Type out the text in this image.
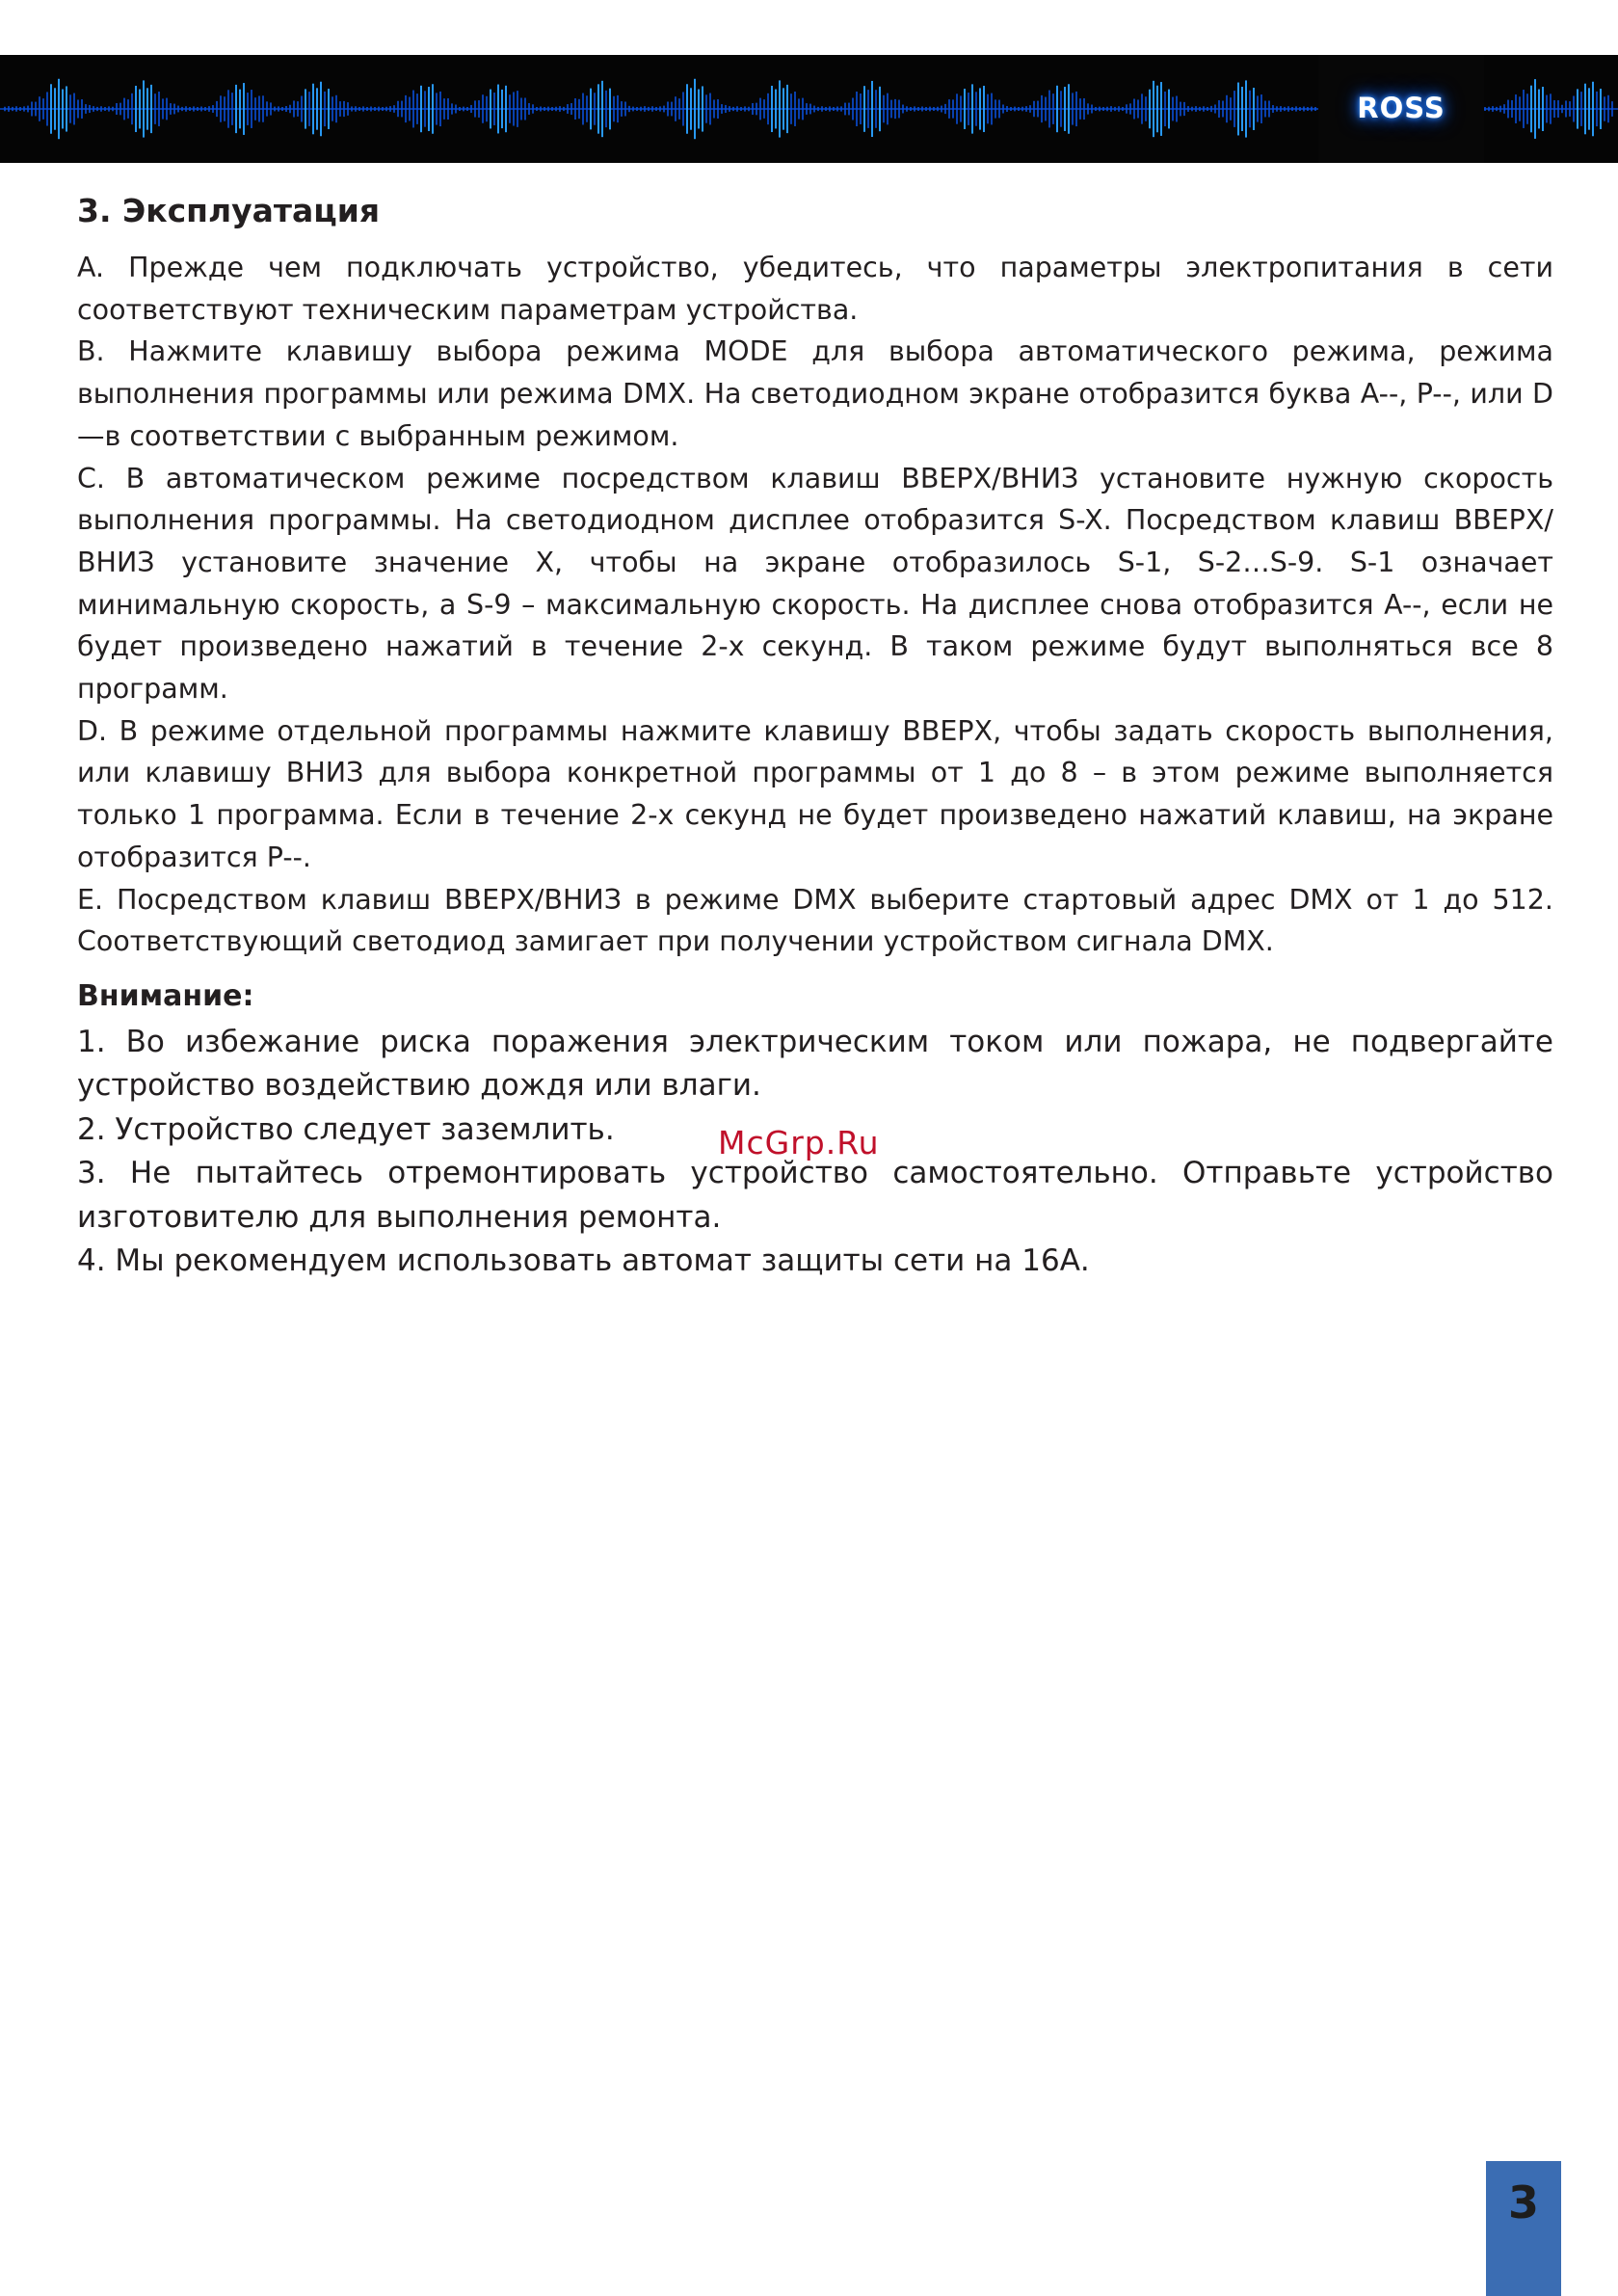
ROSS
3. Эксплуатация

A. Прежде чем подключать устройство, убедитесь, что параметры электропитания в сети соответствуют техническим параметрам устройства.

B. Нажмите клавишу выбора режима MODE для выбора автоматического режима, режима выполнения программы или режима DMX. На светодиодном экране отобразится буква A--, P--, или D—в соответствии с выбранным режимом.

C. В автоматическом режиме посредством клавиш ВВЕРХ/ВНИЗ установите нужную скорость выполнения программы. На светодиодном дисплее отобразится S-X. Посредством клавиш ВВЕРХ/ВНИЗ установите значение X, чтобы на экране отобразилось S-1, S-2…S-9. S-1 означает минимальную скорость, а S-9 – максимальную скорость. На дисплее снова отобразится A--, если не будет произведено нажатий в течение 2-х секунд. В таком режиме будут выполняться все 8 программ.

D. В режиме отдельной программы нажмите клавишу ВВЕРХ, чтобы задать скорость выполнения, или клавишу ВНИЗ для выбора конкретной программы от 1 до 8 – в этом режиме выполняется только 1 программа. Если в течение 2-х секунд не будет произведено нажатий клавиш, на экране отобразится P--.

E. Посредством клавиш ВВЕРХ/ВНИЗ в режиме DMX выберите стартовый адрес DMX от 1 до 512. Соответствующий светодиод замигает при получении устройством сигнала DMX.

Внимание:

1. Во избежание риска поражения электрическим током или пожара, не подвергайте устройство воздействию дождя или влаги.

2. Устройство следует заземлить.

3. Не пытайтесь отремонтировать устройство самостоятельно. Отправьте устройство изготовителю для выполнения ремонта.

4. Мы рекомендуем использовать автомат защиты сети на 16А.

McGrp.Ru
3
